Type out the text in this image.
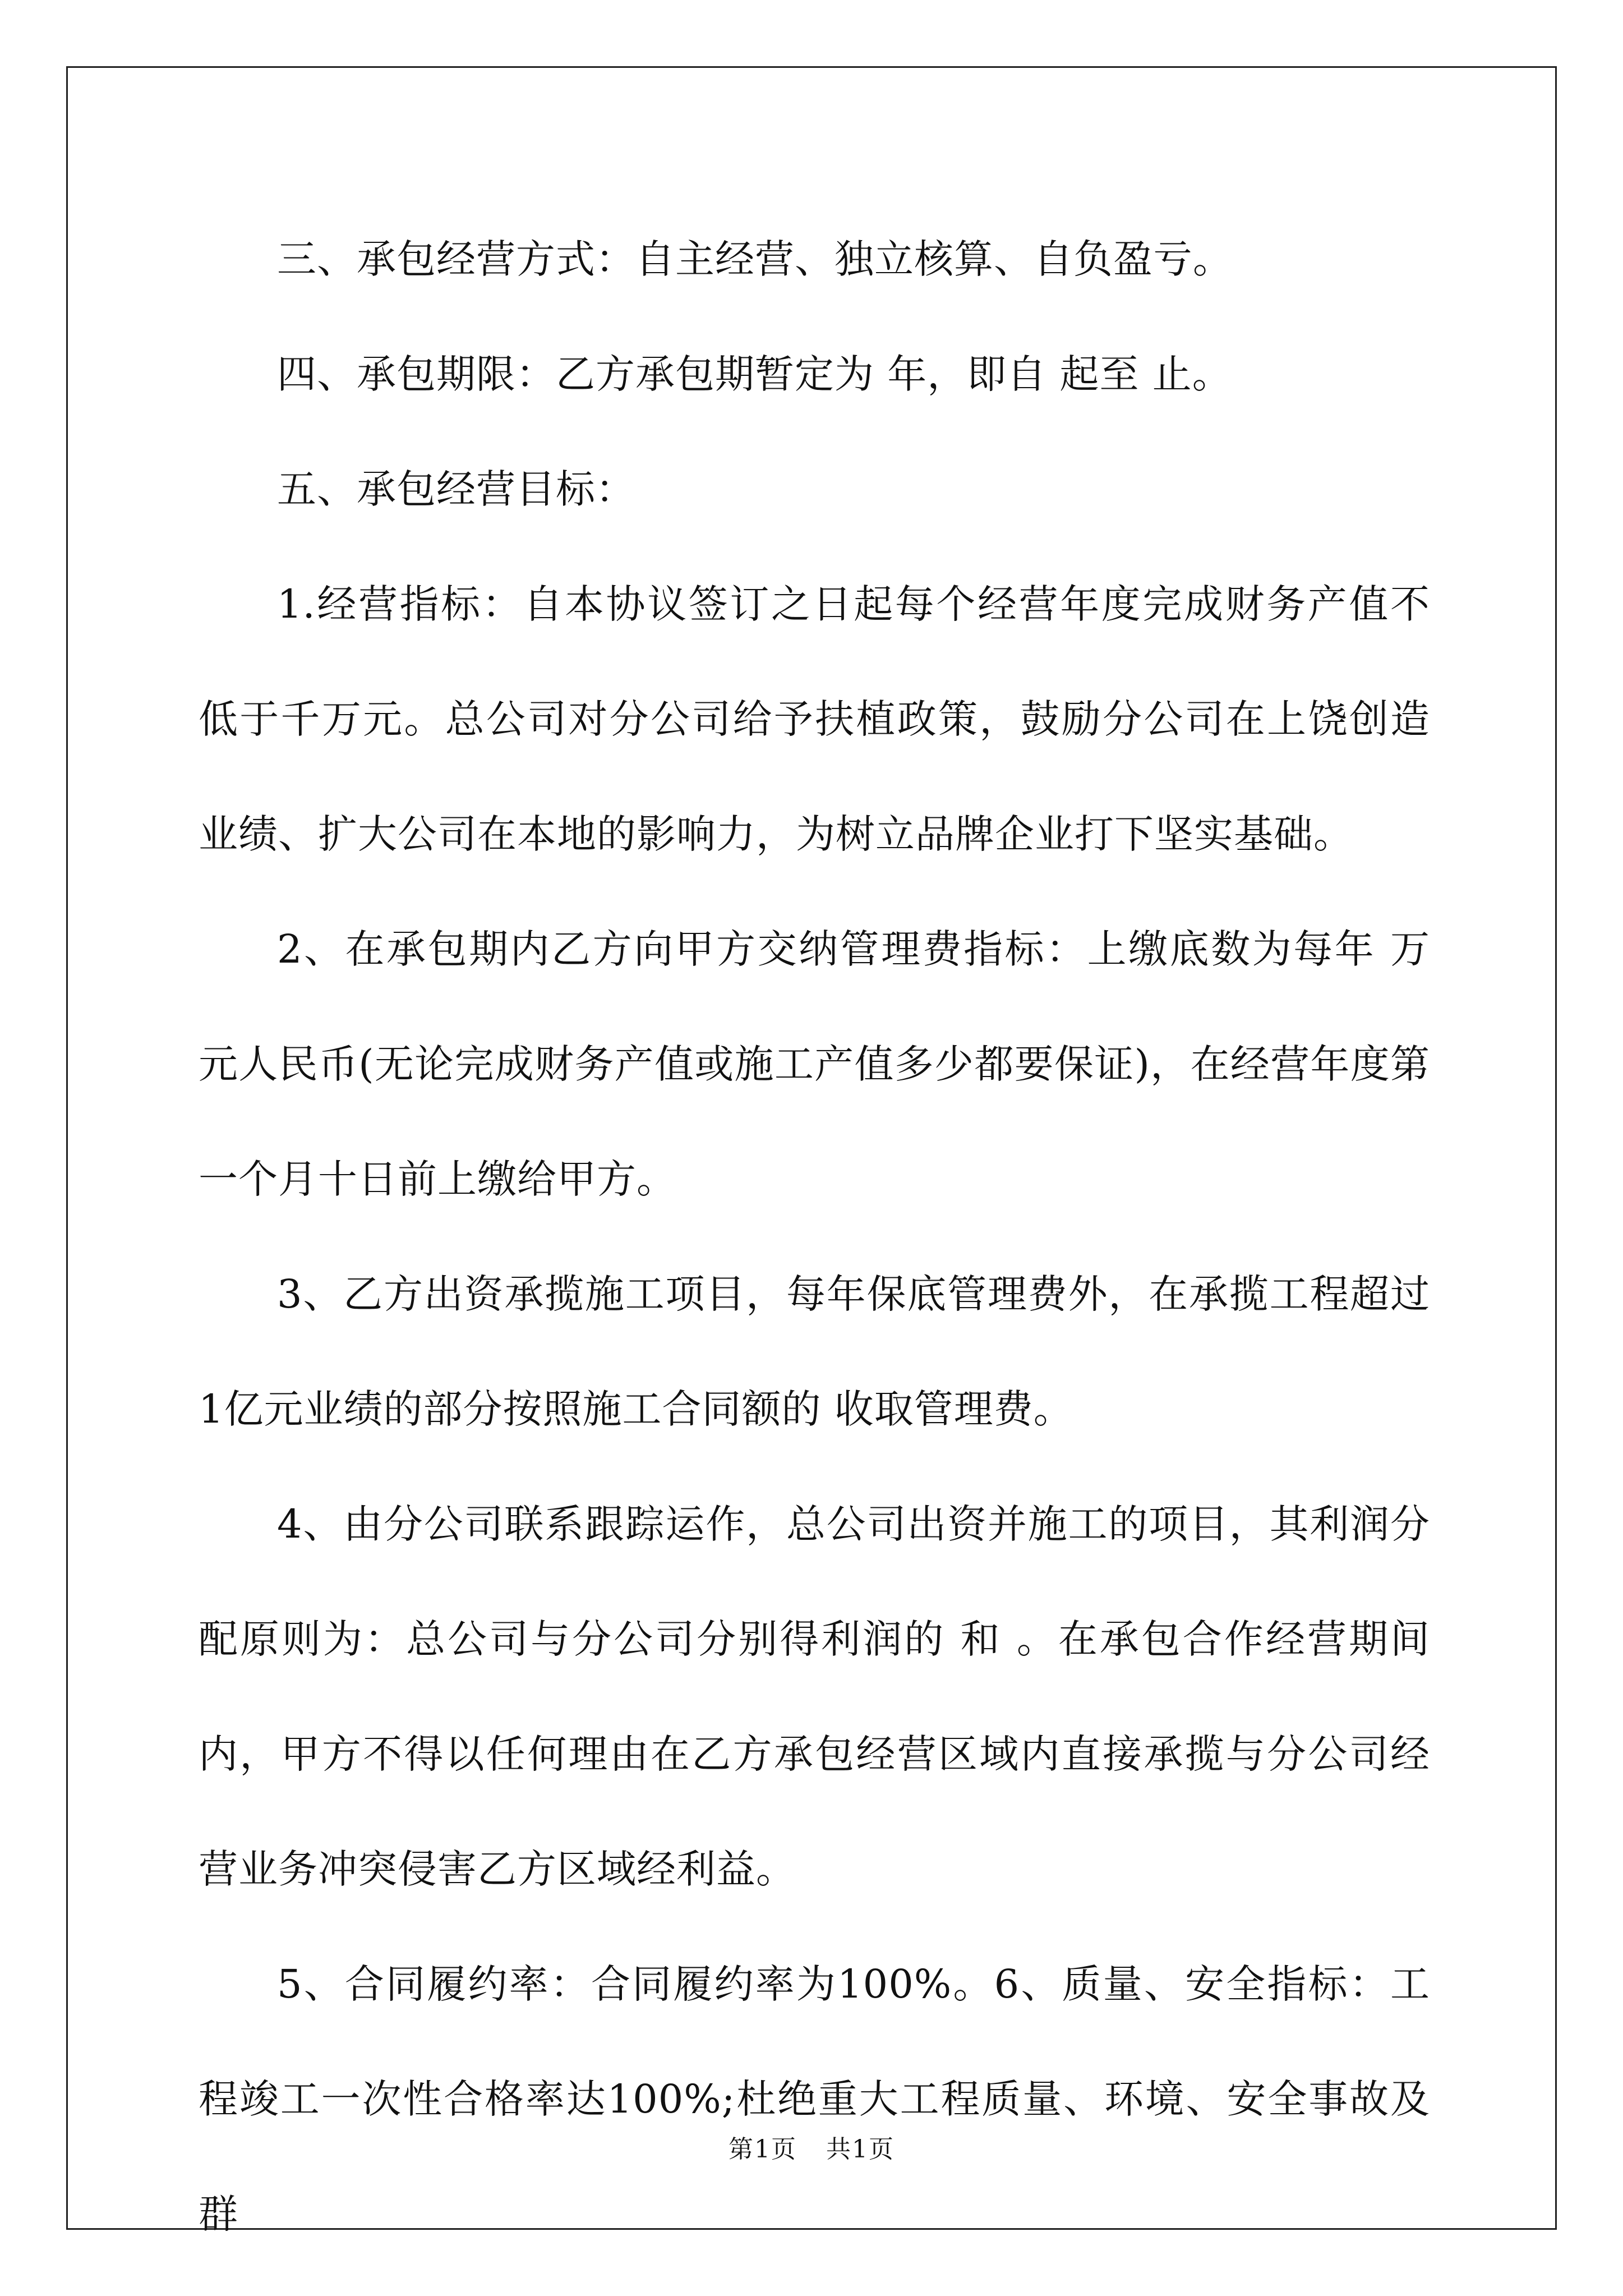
三、承包经营方式：自主经营、独立核算、自负盈亏。

四、承包期限：乙方承包期暂定为 年，即自 起至 止。

五、承包经营目标：

1.经营指标：自本协议签订之日起每个经营年度完成财务产值不低于千万元。总公司对分公司给予扶植政策，鼓励分公司在上饶创造业绩、扩大公司在本地的影响力，为树立品牌企业打下坚实基础。

2、在承包期内乙方向甲方交纳管理费指标：上缴底数为每年 万元人民币(无论完成财务产值或施工产值多少都要保证)，在经营年度第一个月十日前上缴给甲方。

3、乙方出资承揽施工项目，每年保底管理费外，在承揽工程超过1亿元业绩的部分按照施工合同额的 收取管理费。

4、由分公司联系跟踪运作，总公司出资并施工的项目，其利润分配原则为：总公司与分公司分别得利润的 和 。在承包合作经营期间内，甲方不得以任何理由在乙方承包经营区域内直接承揽与分公司经营业务冲突侵害乙方区域经利益。

5、合同履约率：合同履约率为100%。6、质量、安全指标：工程竣工一次性合格率达100%;杜绝重大工程质量、环境、安全事故及群

第1页 共1页
